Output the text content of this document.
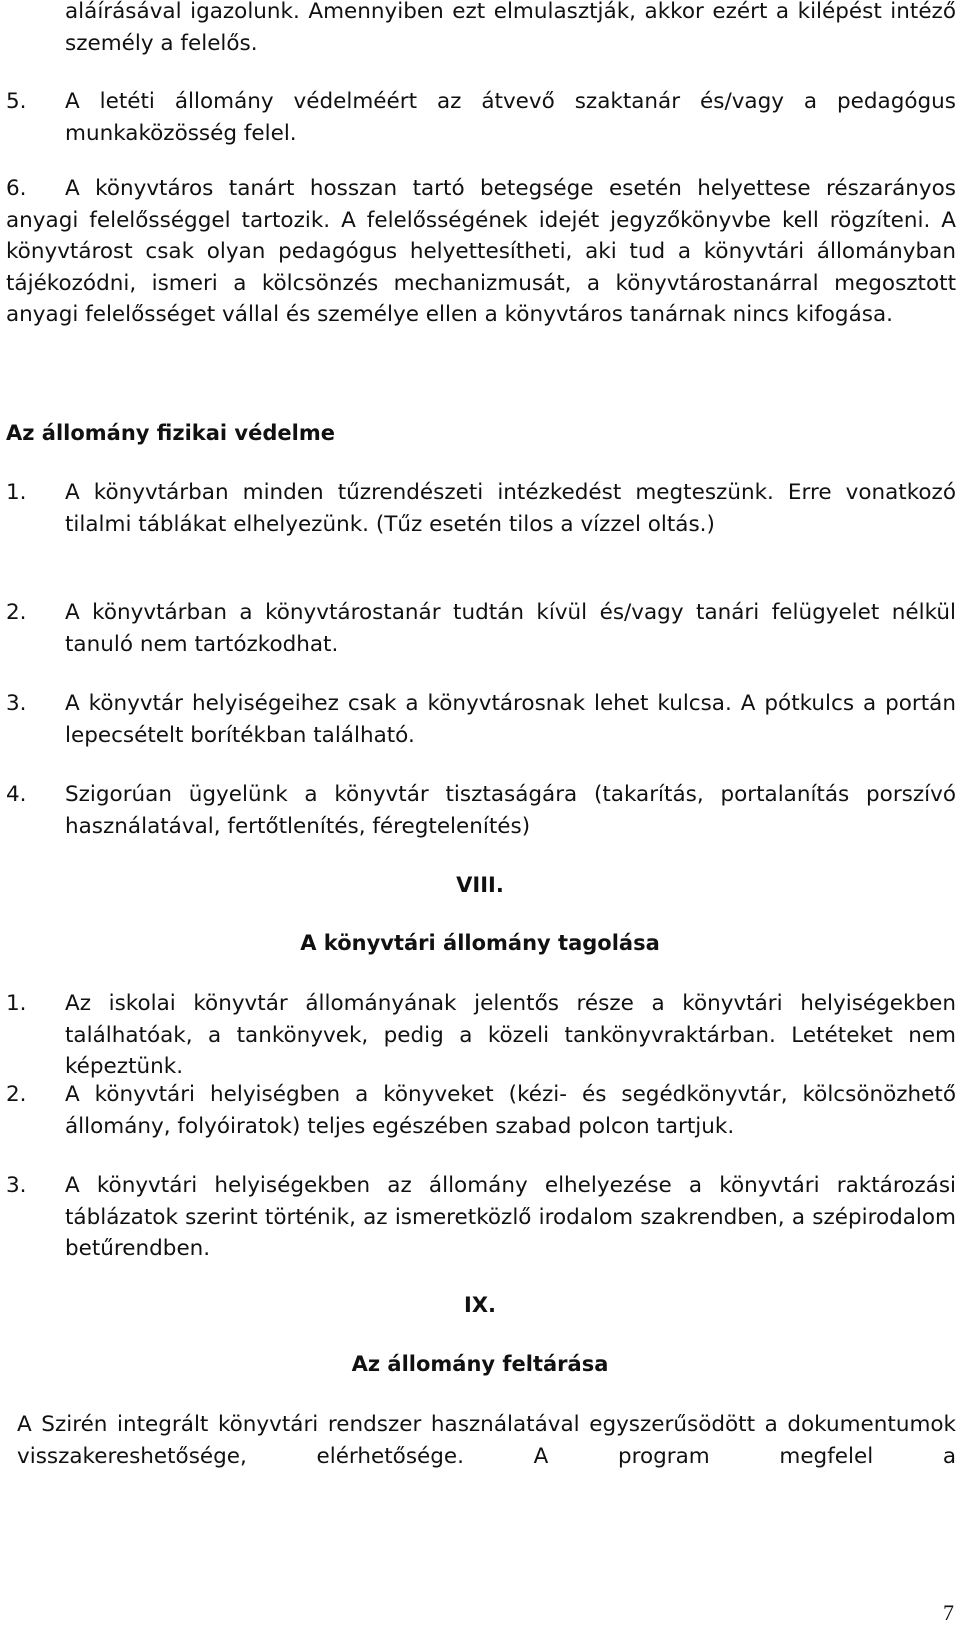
aláírásával igazolunk. Amennyiben ezt elmulasztják, akkor ezért a kilépést intéző személy a felelős.

5. A letéti állomány védelméért az átvevő szaktanár és/vagy a pedagógus munkaközösség felel.
6.	A könyvtáros tanárt hosszan tartó betegsége esetén helyettese részarányos anyagi felelősséggel tartozik. A felelősségének idejét jegyzőkönyvbe kell rögzíteni. A könyvtárost csak olyan pedagógus helyettesítheti, aki tud a könyvtári állományban tájékozódni, ismeri a kölcsönzés mechanizmusát, a könyvtárostanárral megosztott anyagi felelősséget vállal és személye ellen a könyvtáros tanárnak nincs kifogása.
Az állomány fizikai védelme
1. A könyvtárban minden tűzrendészeti intézkedést megteszünk. Erre vonatkozó tilalmi táblákat elhelyezünk. (Tűz esetén tilos a vízzel oltás.)
2. A könyvtárban a könyvtárostanár tudtán kívül és/vagy tanári felügyelet nélkül tanuló nem tartózkodhat.
3. A könyvtár helyiségeihez csak a könyvtárosnak lehet kulcsa. A pótkulcs a portán lepecsételt borítékban található.
4. Szigorúan ügyelünk a könyvtár tisztaságára (takarítás, portalanítás porszívó használatával, fertőtlenítés, féregtelenítés)
VIII.
A könyvtári állomány tagolása
1. Az iskolai könyvtár állományának jelentős része a könyvtári helyiségekben találhatóak, a tankönyvek, pedig a közeli tankönyvraktárban. Letéteket nem képeztünk.
2. A könyvtári helyiségben a könyveket (kézi- és segédkönyvtár, kölcsönözhető állomány, folyóiratok) teljes egészében szabad polcon tartjuk.
3. A könyvtári helyiségekben az állomány elhelyezése a könyvtári raktározási táblázatok szerint történik, az ismeretközlő irodalom szakrendben, a szépirodalom betűrendben.
IX.
Az állomány feltárása

A Szirén integrált könyvtári rendszer használatával egyszerűsödött a dokumentumok visszakereshetősége, elérhetősége. A program megfelel a

7
